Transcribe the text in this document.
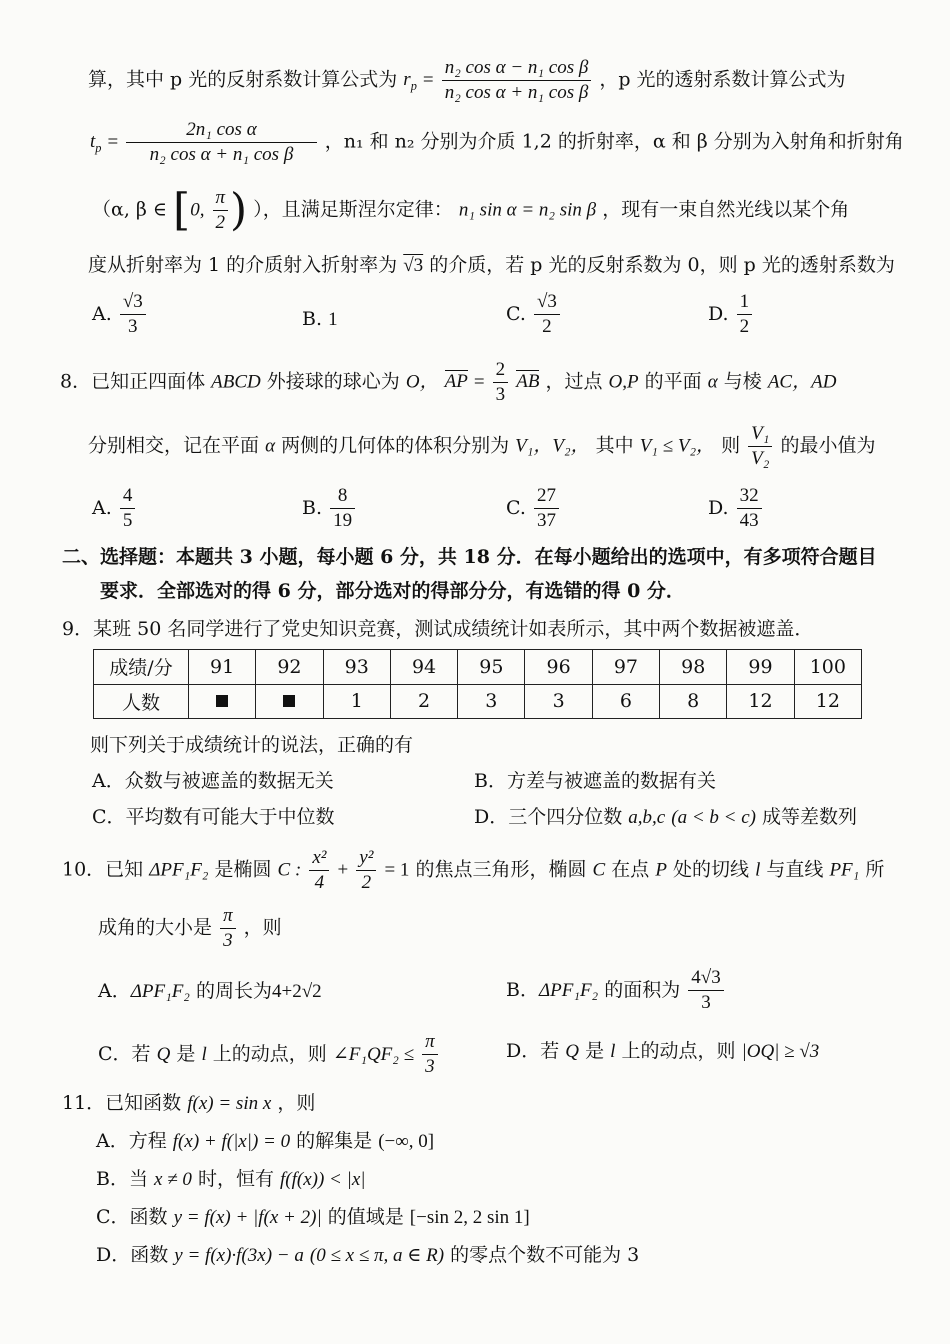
算，其中 p 光的反射系数计算公式为 $r_p = \frac{\text{n₂ cos α − n₁ cos β}}{\text{n₂ cos α + n₁ cos β}}$ ，p 光的透射系数计算公式为
$t_p = \frac{\text{2n₁ cos α}}{\text{n₂ cos α + n₁ cos β}}$ ，n₁ 和 n₂ 分别为介质 1,2 的折射率，α 和 β 分别为入射角和折射角
（α, β ∈ [0, $\frac{\pi}{2}$ ) ），且满足斯涅尔定律： n₁ sin α = n₂ sin β ，现有一束自然光线以某个角
度从折射率为 1 的介质射入折射率为 √3 的介质，若 p 光的反射系数为 0，则 p 光的透射系数为
A. $\frac{√3}{3}$	B. 1	C. $\frac{√3}{2}$	D. $\frac{1}{2}$
8．已知正四面体 ABCD 外接球的球心为 O， AP = $\frac{2}{3}$ AB ，过点 O,P 的平面 α 与棱 AC，AD
分别相交，记在平面 α 两侧的几何体的体积分别为 V₁，V₂， 其中 V₁ ≤ V₂， 则 $\frac{\text{V₁}}{\text{V₂}}$ 的最小值为
A. $\frac{4}{5}$	B. $\frac{8}{19}$	C. $\frac{27}{37}$	D. $\frac{32}{43}$
二、选择题：本题共 3 小题，每小题 6 分，共 18 分．在每小题给出的选项中，有多项符合题目
要求．全部选对的得 6 分，部分选对的得部分分，有选错的得 0 分．
9．某班 50 名同学进行了党史知识竞赛，测试成绩统计如表所示，其中两个数据被遮盖．
成绩/分	91	92	93	94	95	96	97	98	99	100
人数			1	2	3	3	6	8	12	12
则下列关于成绩统计的说法，正确的有
A．众数与被遮盖的数据无关	B．方差与被遮盖的数据有关
C．平均数有可能大于中位数	D．三个四分位数 a,b,c (a < b < c) 成等差数列
10．已知 ΔPF₁F₂ 是椭圆 C : $\frac{\text{x²}}{4} + \frac{\text{y²}}{2} = 1$ 的焦点三角形，椭圆 C 在点 P 处的切线 l 与直线 PF₁ 所
成角的大小是 $\frac{\pi}{3}$ ，则
A．ΔPF₁F₂ 的周长为4+2√2	B．ΔPF₁F₂ 的面积为 $\frac{4√3}{3}$
C．若 Q 是 l 上的动点，则 ∠F₁QF₂ ≤ $\frac{\pi}{3}$	D．若 Q 是 l 上的动点，则 |OQ| ≥ √3
11．已知函数 f(x) = sin x ，则
A．方程 f(x) + f(|x|) = 0 的解集是 (−∞, 0]
B．当 x ≠ 0 时，恒有 f(f(x)) < |x|
C．函数 y = f(x) + |f(x + 2)| 的值域是 [−sin 2, 2 sin 1]
D．函数 y = f(x)·f(3x) − a (0 ≤ x ≤ π, a ∈ R) 的零点个数不可能为 3
